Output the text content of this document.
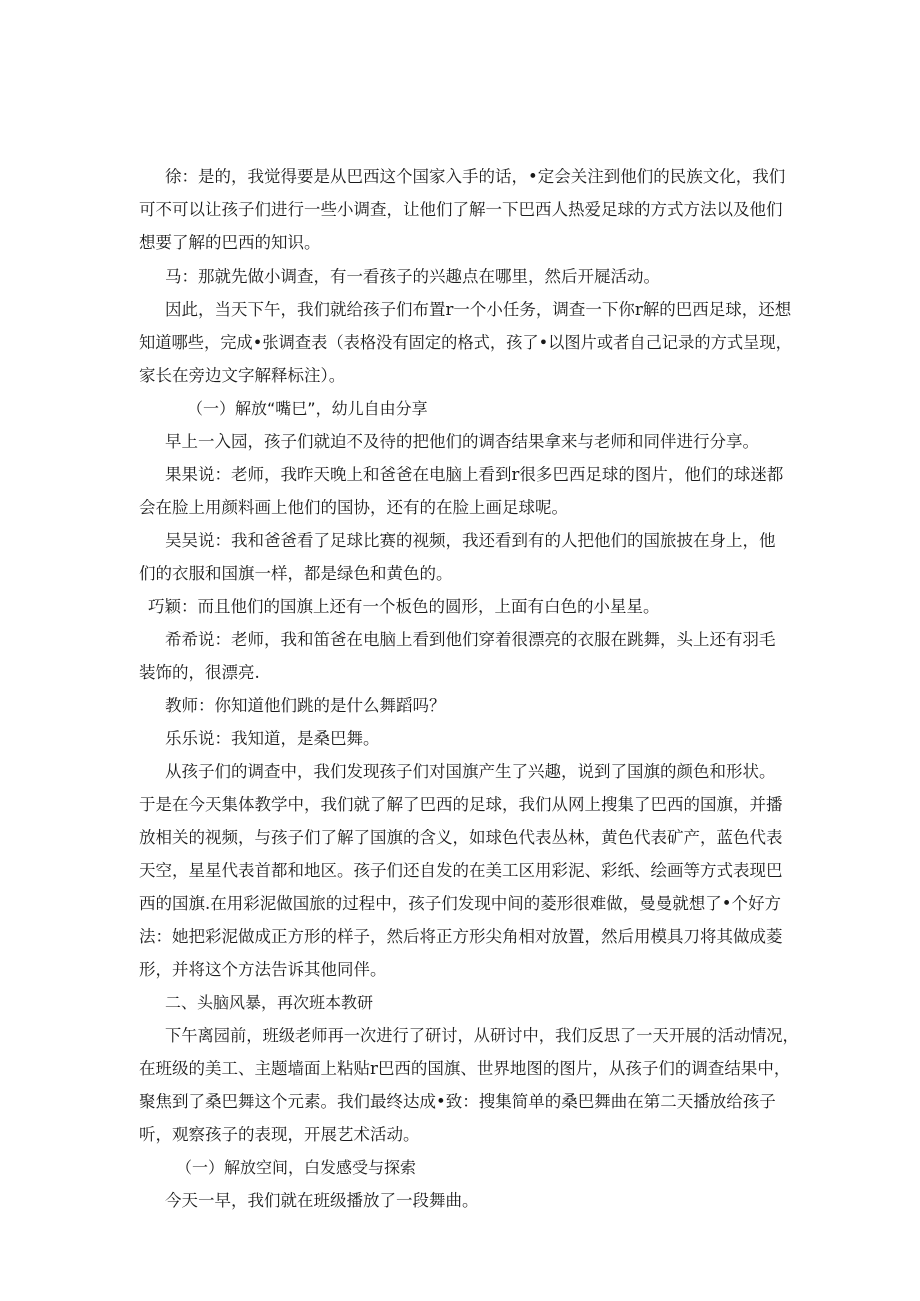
徐：是的，我觉得要是从巴西这个国家入手的话，•定会关注到他们的民族文化，我们
可不可以让孩子们进行一些小调查，让他们了解一下巴西人热爱足球的方式方法以及他们
想要了解的巴西的知识。
马：那就先做小调查，有一看孩子的兴趣点在哪里，然后开屣活动。
因此，当天下午，我们就给孩子们布置r一个小任务，调查一下你r解的巴西足球，还想
知道哪些，完成•张调查表（表格没有固定的格式，孩了•以图片或者自己记录的方式呈现，
家长在旁边文字解释标注）。
（一）解放“嘴巳”，幼儿自由分享
早上一入园，孩子们就迫不及待的把他们的调杳结果拿来与老师和同伴进行分享。
果果说：老师，我昨天晚上和爸爸在电脑上看到r很多巴西足球的图片，他们的球迷都
会在脸上用颜料画上他们的国协，还有的在脸上画足球呢。
吴吴说：我和爸爸看了足球比赛的视频，我还看到有的人把他们的国旅披在身上，他
们的衣服和国旗一样，都是绿色和黄色的。
巧颖：而且他们的国旗上还有一个板色的圆形，上面有白色的小星星。
希希说：老师，我和笛爸在电脑上看到他们穿着很漂亮的衣服在跳舞，头上还有羽毛
装饰的，很漂亮.
教师：你知道他们跳的是什么舞蹈吗？
乐乐说：我知道，是桑巴舞。
从孩子们的调查中，我们发现孩子们对国旗产生了兴趣，说到了国旗的颜色和形状。
于是在今天集体教学中，我们就了解了巴西的足球，我们从网上搜集了巴西的国旗，并播
放相关的视频，与孩子们了解了国旗的含义，如球色代表丛林，黄色代表矿产，蓝色代表
天空，星星代表首都和地区。孩子们还自发的在美工区用彩泥、彩纸、绘画等方式表现巴
西的国旗.在用彩泥做国旅的过程中，孩子们发现中间的菱形很难做，曼曼就想了•个好方
法：她把彩泥做成正方形的样子，然后将正方形尖角相对放置，然后用模具刀将其做成菱
形，并将这个方法告诉其他同伴。
二、头脑风暴，再次班本教研
下午离园前，班级老师再一次进行了研讨，从研讨中，我们反思了一天开展的活动情况，
在班级的美工、主题墙面上粘贴r巴西的国旗、世界地图的图片，从孩子们的调查结果中，
聚焦到了桑巴舞这个元素。我们最终达成•致：搜集简单的桑巴舞曲在第二天播放给孩子
听，观察孩子的表现，开展艺术活动。
（一）解放空间，白发感受与探索
今天一早，我们就在班级播放了一段舞曲。
